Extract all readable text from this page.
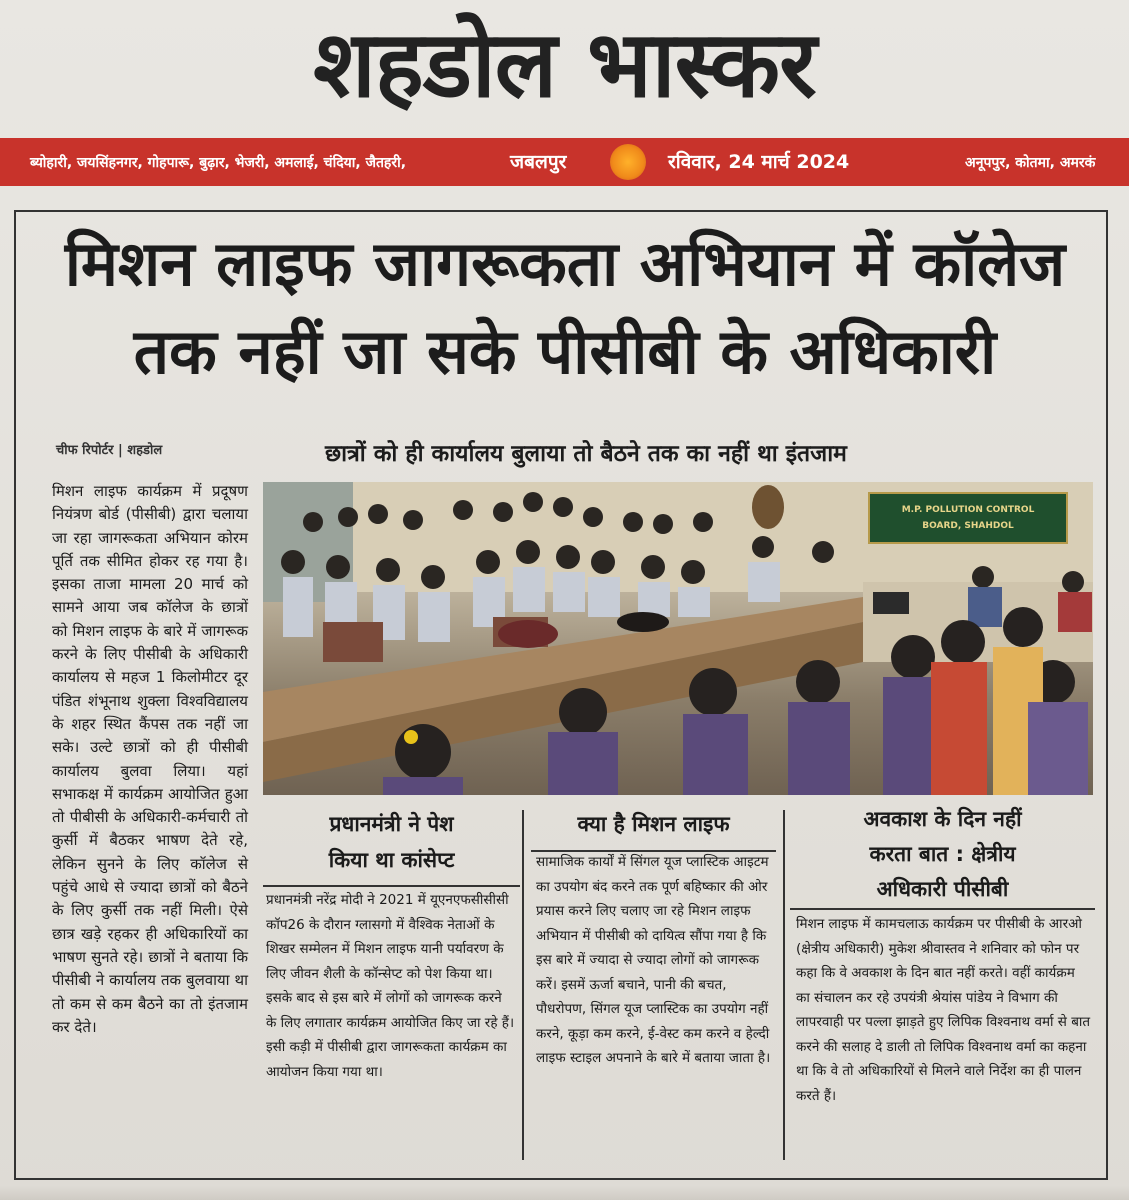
शहडोल भास्कर
ब्योहारी, जयसिंहनगर, गोहपारू, बुढ़ार, भेजरी, अमलाई, चंदिया, जैतहरी,	जबलपुर	रविवार, 24 मार्च 2024	अनूपपुर, कोतमा, अमरकं
मिशन लाइफ जागरूकता अभियान में कॉलेज
तक नहीं जा सके पीसीबी के अधिकारी
चीफ रिपोर्टर | शहडोल	छात्रों को ही कार्यालय बुलाया तो बैठने तक का नहीं था इंतजाम
मिशन लाइफ कार्यक्रम में प्रदूषण नियंत्रण बोर्ड (पीसीबी) द्वारा चलाया जा रहा जागरूकता अभियान कोरम पूर्ति तक सीमित होकर रह गया है। इसका ताजा मामला 20 मार्च को सामने आया जब कॉलेज के छात्रों को मिशन लाइफ के बारे में जागरूक करने के लिए पीसीबी के अधिकारी कार्यालय से महज 1 किलोमीटर दूर पंडित शंभूनाथ शुक्ला विश्वविद्यालय के शहर स्थित कैंपस तक नहीं जा सके। उल्टे छात्रों को ही पीसीबी कार्यालय बुलवा लिया। यहां सभाकक्ष में कार्यक्रम आयोजित हुआ तो पीबीसी के अधिकारी-कर्मचारी तो कुर्सी में बैठकर भाषण देते रहे, लेकिन सुनने के लिए कॉलेज से पहुंचे आधे से ज्यादा छात्रों को बैठने के लिए कुर्सी तक नहीं मिली। ऐसे छात्र खड़े रहकर ही अधिकारियों का भाषण सुनते रहे। छात्रों ने बताया कि पीसीबी ने कार्यालय तक बुलवाया था तो कम से कम बैठने का तो इंतजाम कर देते।
M.P. POLLUTION CONTROL
BOARD, SHAHDOL
प्रधानमंत्री ने पेश
किया था कांसेप्ट
प्रधानमंत्री नरेंद्र मोदी ने 2021 में यूएनएफसीसीसी कॉप26 के दौरान ग्लासगो में वैश्विक नेताओं के शिखर सम्मेलन में मिशन लाइफ यानी पर्यावरण के लिए जीवन शैली के कॉन्सेप्ट को पेश किया था। इसके बाद से इस बारे में लोगों को जागरूक करने के लिए लगातार कार्यक्रम आयोजित किए जा रहे हैं। इसी कड़ी में पीसीबी द्वारा जागरूकता कार्यक्रम का आयोजन किया गया था।
क्या है मिशन लाइफ
सामाजिक कार्यों में सिंगल यूज प्लास्टिक आइटम का उपयोग बंद करने तक पूर्ण बहिष्कार की ओर प्रयास करने लिए चलाए जा रहे मिशन लाइफ अभियान में पीसीबी को दायित्व सौंपा गया है कि इस बारे में ज्यादा से ज्यादा लोगों को जागरूक करें। इसमें ऊर्जा बचाने, पानी की बचत, पौधरोपण, सिंगल यूज प्लास्टिक का उपयोग नहीं करने, कूड़ा कम करने, ई-वेस्ट कम करने व हेल्दी लाइफ स्टाइल अपनाने के बारे में बताया जाता है।
अवकाश के दिन नहीं
करता बात : क्षेत्रीय
अधिकारी पीसीबी
मिशन लाइफ में कामचलाऊ कार्यक्रम पर पीसीबी के आरओ (क्षेत्रीय अधिकारी) मुकेश श्रीवास्तव ने शनिवार को फोन पर कहा कि वे अवकाश के दिन बात नहीं करते। वहीं कार्यक्रम का संचालन कर रहे उपयंत्री श्रेयांस पांडेय ने विभाग की लापरवाही पर पल्ला झाड़ते हुए लिपिक विश्वनाथ वर्मा से बात करने की सलाह दे डाली तो लिपिक विश्वनाथ वर्मा का कहना था कि वे तो अधिकारियों से मिलने वाले निर्देश का ही पालन करते हैं।
